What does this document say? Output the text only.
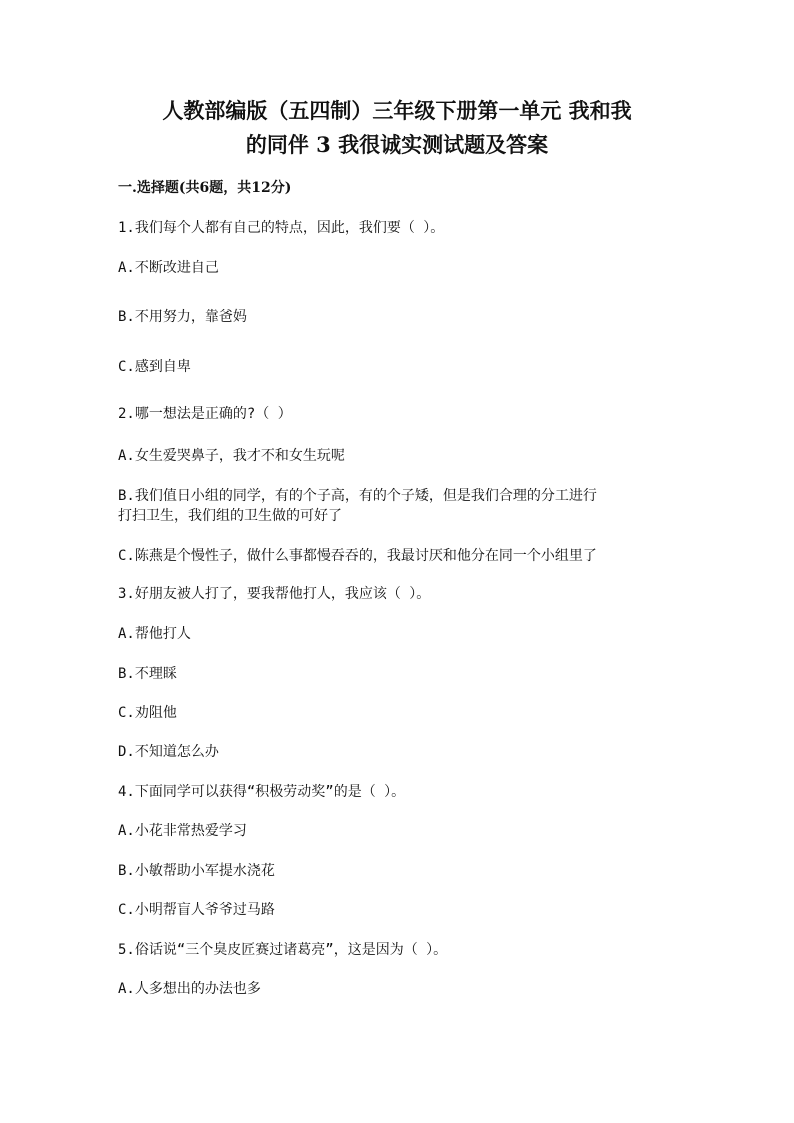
人教部编版（五四制）三年级下册第一单元 我和我
的同伴 3 我很诚实测试题及答案
一.选择题(共6题，共12分)
1.我们每个人都有自己的特点，因此，我们要（ ）。
A.不断改进自己
B.不用努力，靠爸妈
C.感到自卑
2.哪一想法是正确的?（ ）
A.女生爱哭鼻子，我才不和女生玩呢
B.我们值日小组的同学，有的个子高，有的个子矮，但是我们合理的分工进行
打扫卫生，我们组的卫生做的可好了
C.陈燕是个慢性子，做什么事都慢吞吞的，我最讨厌和他分在同一个小组里了
3.好朋友被人打了，要我帮他打人，我应该（ ）。
A.帮他打人
B.不理睬
C.劝阻他
D.不知道怎么办
4.下面同学可以获得“积极劳动奖”的是（ ）。
A.小花非常热爱学习
B.小敏帮助小军提水浇花
C.小明帮盲人爷爷过马路
5.俗话说“三个臭皮匠赛过诸葛亮”，这是因为（ ）。
A.人多想出的办法也多
